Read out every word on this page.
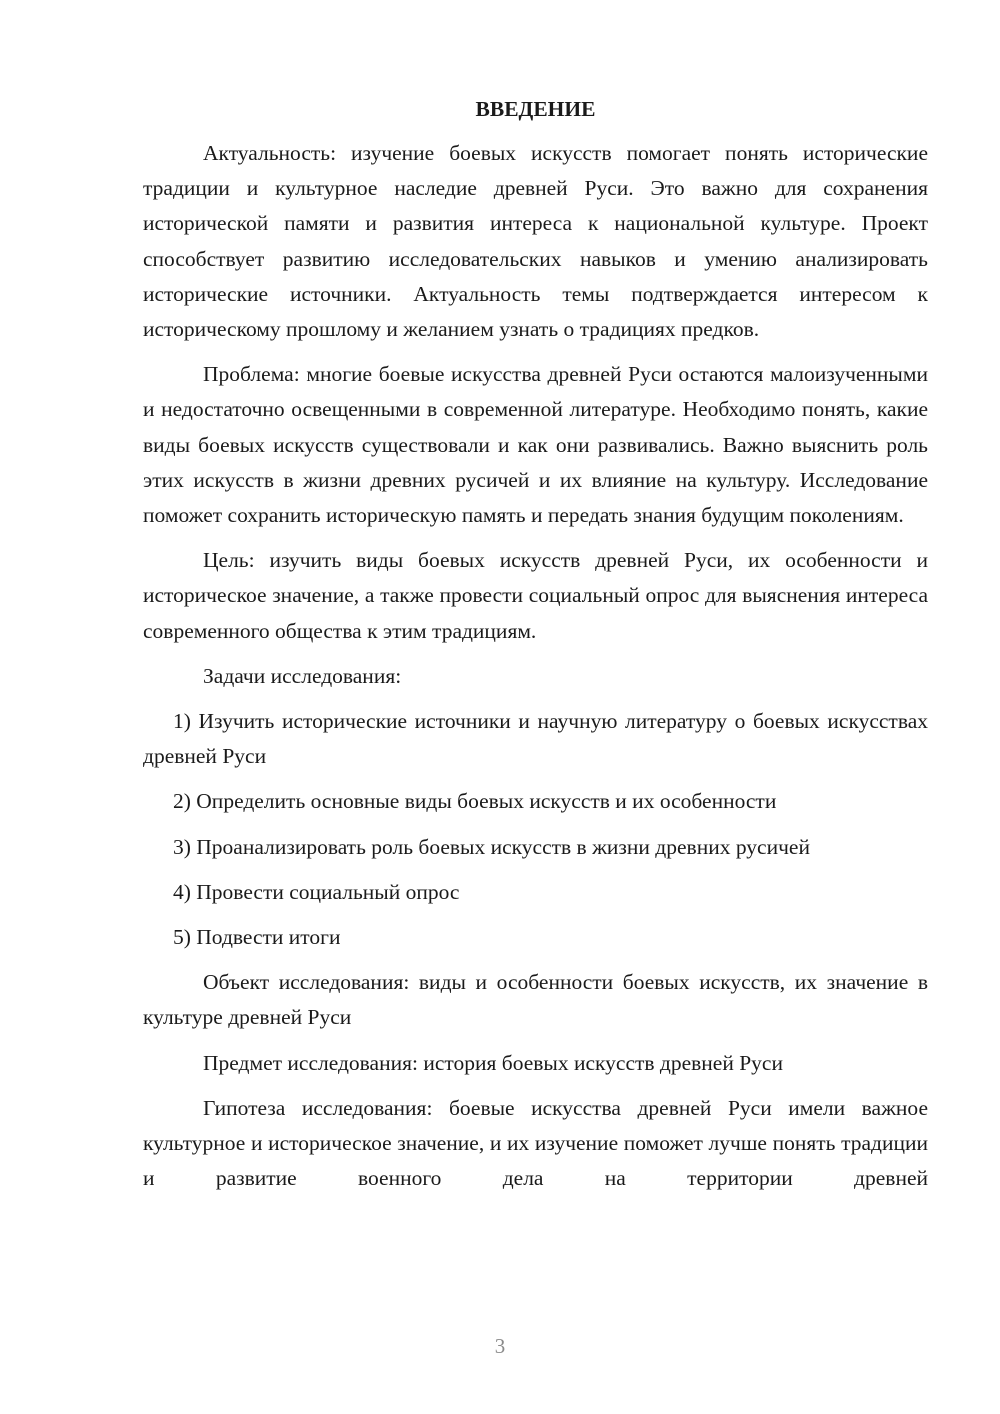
ВВЕДЕНИЕ

Актуальность: изучение боевых искусств помогает понять исторические традиции и культурное наследие древней Руси. Это важно для сохранения исторической памяти и развития интереса к национальной культуре. Проект способствует развитию исследовательских навыков и умению анализировать исторические источники. Актуальность темы подтверждается интересом к историческому прошлому и желанием узнать о традициях предков.

Проблема: многие боевые искусства древней Руси остаются малоизученными и недостаточно освещенными в современной литературе. Необходимо понять, какие виды боевых искусств существовали и как они развивались. Важно выяснить роль этих искусств в жизни древних русичей и их влияние на культуру. Исследование поможет сохранить историческую память и передать знания будущим поколениям.

Цель: изучить виды боевых искусств древней Руси, их особенности и историческое значение, а также провести социальный опрос для выяснения интереса современного общества к этим традициям.

Задачи исследования:

1) Изучить исторические источники и научную литературу о боевых искусствах древней Руси

2) Определить основные виды боевых искусств и их особенности

3) Проанализировать роль боевых искусств в жизни древних русичей

4) Провести социальный опрос

5) Подвести итоги

Объект исследования: виды и особенности боевых искусств, их значение в культуре древней Руси

Предмет исследования: история боевых искусств древней Руси

Гипотеза исследования: боевые искусства древней Руси имели важное культурное и историческое значение, и их изучение поможет лучше понять традиции и развитие военного дела на территории древней

3
